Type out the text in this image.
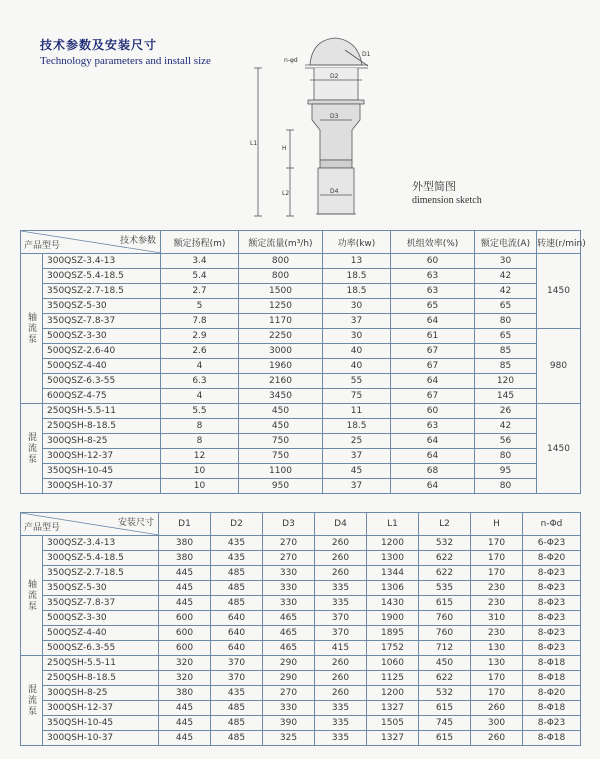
技术参数及安装尺寸
Technology parameters and install size	n-φd
D1
D2
D3
D4
L1
H
L2
外型简图
dimension sketch
技术参数
产品型号		额定扬程(m)	额定流量(m³/h)	功率(kw)	机组效率(%)	额定电流(A)	转速(r/min)
轴流泵	300QSZ-3.4-13	3.4	800	13	60	30	1450
	300QSZ-5.4-18.5	5.4	800	18.5	63	42	
	350QSZ-2.7-18.5	2.7	1500	18.5	63	42	
	350QSZ-5-30	5	1250	30	65	65	
	350QSZ-7.8-37	7.8	1170	37	64	80	
	500QSZ-3-30	2.9	2250	30	61	65	980
	500QSZ-2.6-40	2.6	3000	40	67	85	
	500QSZ-4-40	4	1960	40	67	85	
	500QSZ-6.3-55	6.3	2160	55	64	120	
	600QSZ-4-75	4	3450	75	67	145	
混流泵	250QSH-5.5-11	5.5	450	11	60	26	1450
	250QSH-8-18.5	8	450	18.5	63	42	
	300QSH-8-25	8	750	25	64	56	
	300QSH-12-37	12	750	37	64	80	
	350QSH-10-45	10	1100	45	68	95	
	300QSH-10-37	10	950	37	64	80	
安装尺寸
产品型号		D1	D2	D3	D4	L1	L2	H	n-Φd
轴流泵	300QSZ-3.4-13	380	435	270	260	1200	532	170	6-Φ23
	300QSZ-5.4-18.5	380	435	270	260	1300	622	170	8-Φ20
	350QSZ-2.7-18.5	445	485	330	260	1344	622	170	8-Φ23
	350QSZ-5-30	445	485	330	335	1306	535	230	8-Φ23
	350QSZ-7.8-37	445	485	330	335	1430	615	230	8-Φ23
	500QSZ-3-30	600	640	465	370	1900	760	310	8-Φ23
	500QSZ-4-40	600	640	465	370	1895	760	230	8-Φ23
	500QSZ-6.3-55	600	640	465	415	1752	712	130	8-Φ23
混流泵	250QSH-5.5-11	320	370	290	260	1060	450	130	8-Φ18
	250QSH-8-18.5	320	370	290	260	1125	622	170	8-Φ18
	300QSH-8-25	380	435	270	260	1200	532	170	8-Φ20
	300QSH-12-37	445	485	330	335	1327	615	260	8-Φ18
	350QSH-10-45	445	485	390	335	1505	745	300	8-Φ23
	300QSH-10-37	445	485	325	335	1327	615	260	8-Φ18
